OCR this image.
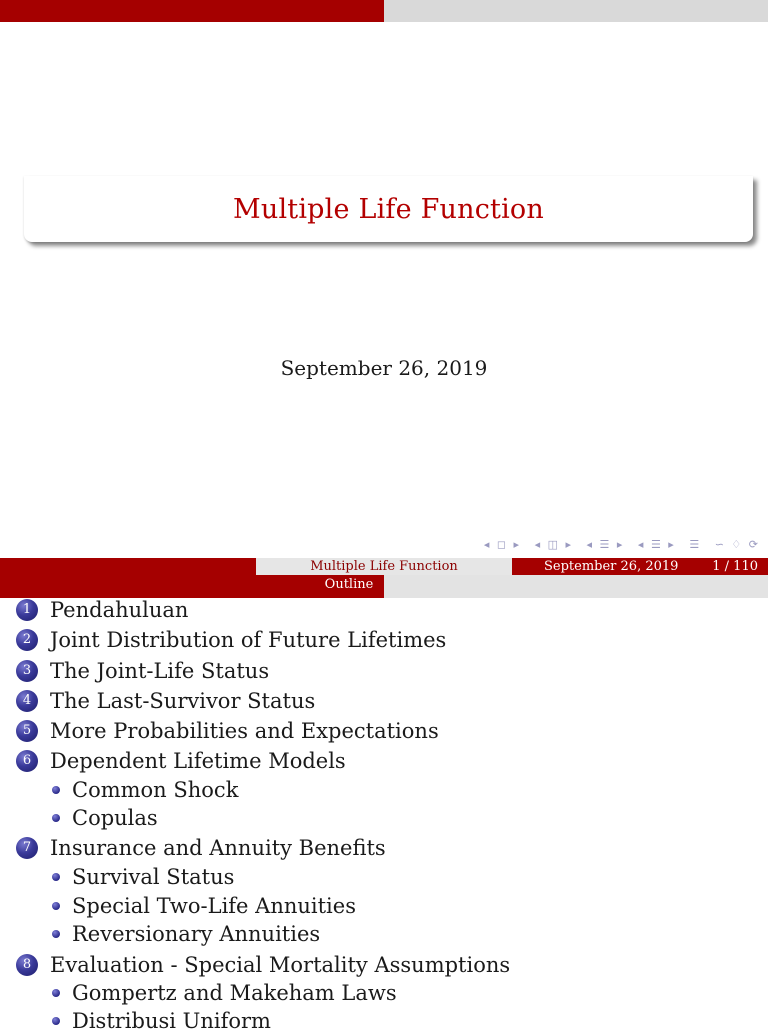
Multiple Life Function
September 26, 2019
◂ ◻ ▸ ◂ ◫ ▸ ◂ ☰ ▸ ◂ ☰ ▸ ☰ ∽ ♢ ⟳
Multiple Life Function	September 26, 2019	1 / 110
Outline
1 Pendahuluan
2 Joint Distribution of Future Lifetimes
3 The Joint-Life Status
4 The Last-Survivor Status
5 More Probabilities and Expectations
6 Dependent Lifetime Models
Common Shock
Copulas
7 Insurance and Annuity Benefits
Survival Status
Special Two-Life Annuities
Reversionary Annuities
8 Evaluation - Special Mortality Assumptions
Gompertz and Makeham Laws
Distribusi Uniform
